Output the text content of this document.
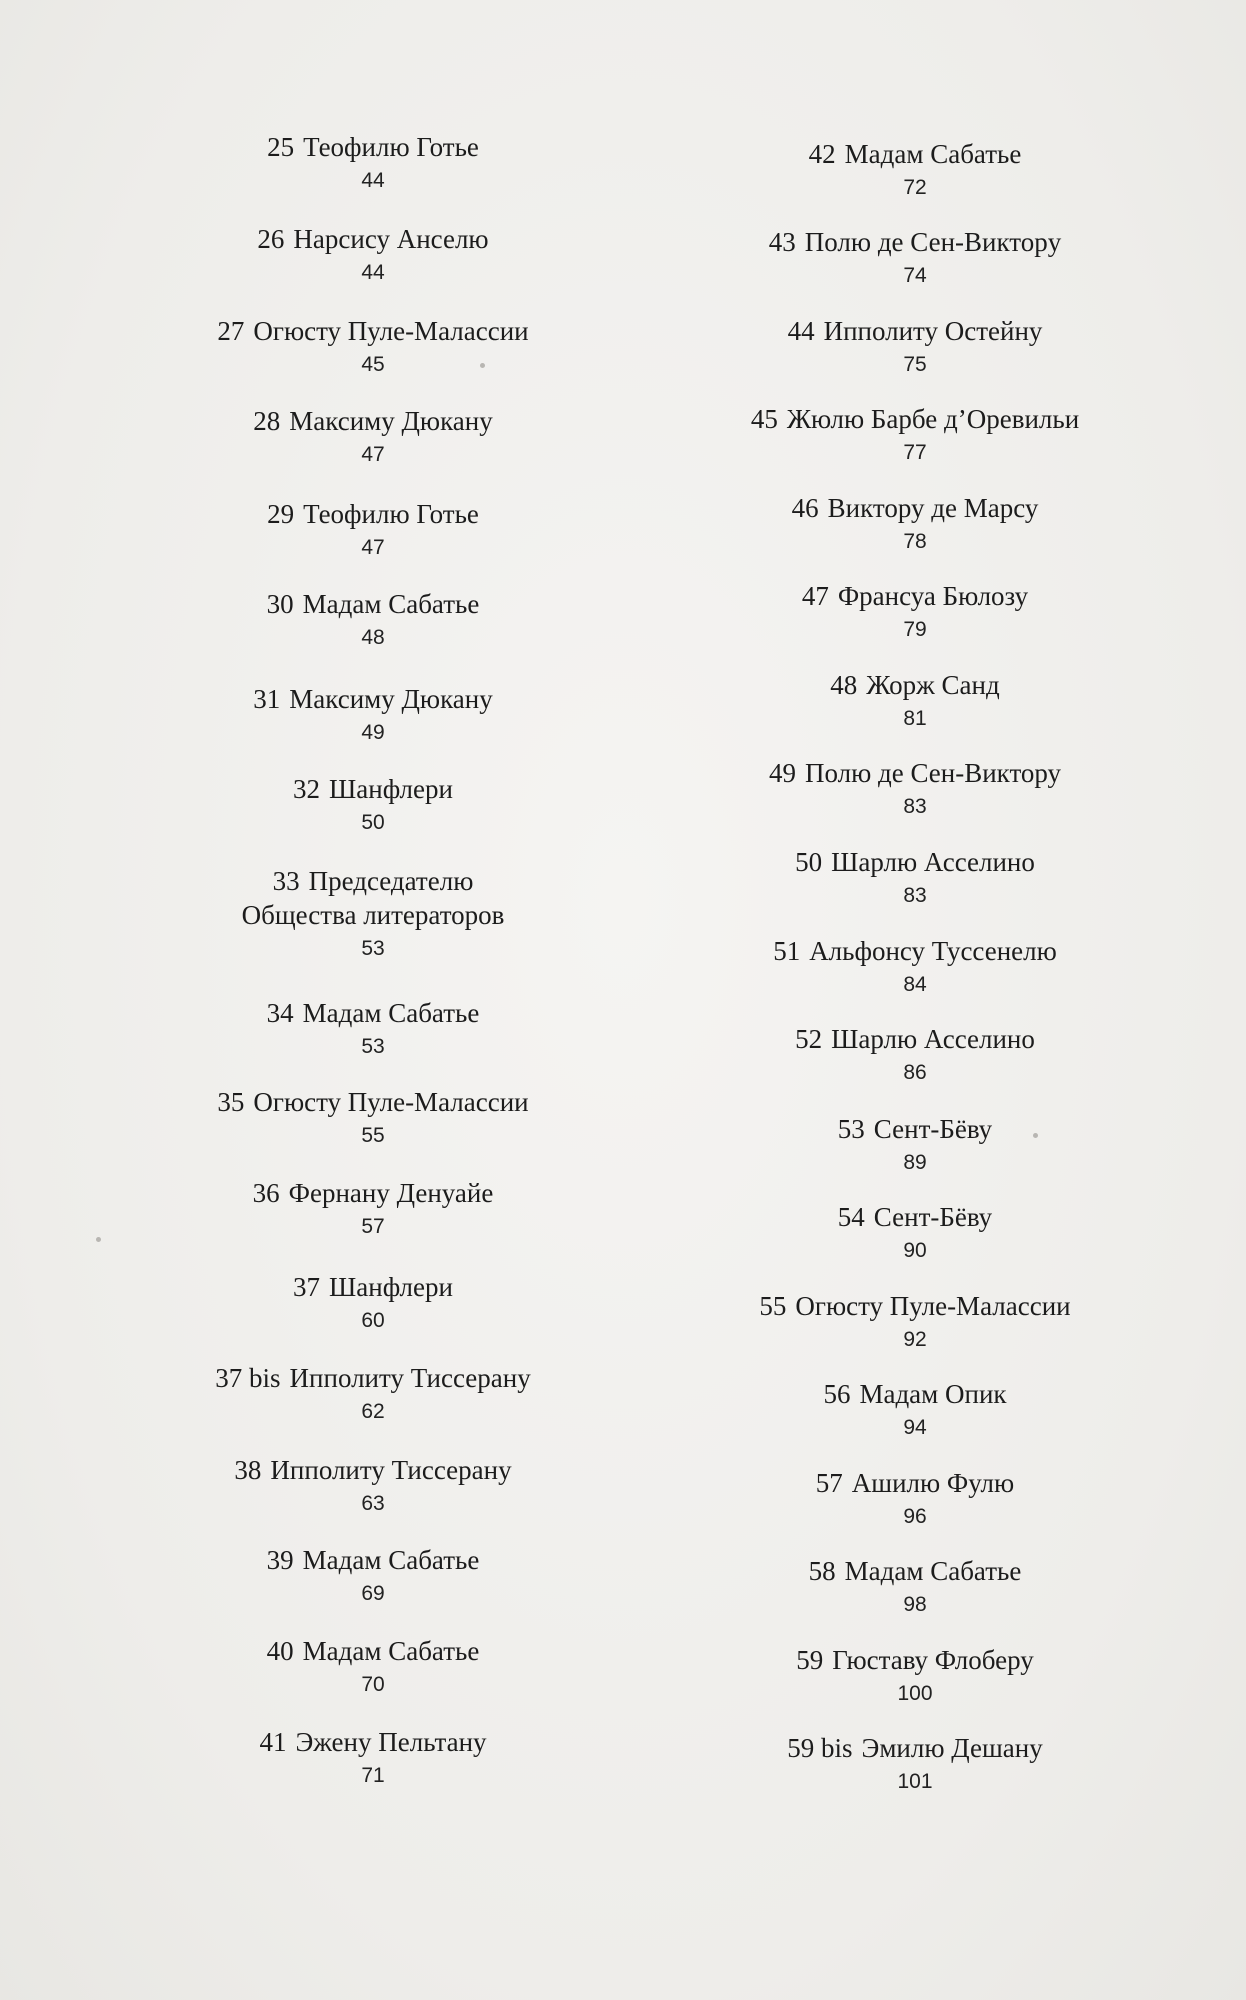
25 Теофилю Готье
44
26 Нарсису Анселю
44
27 Огюсту Пуле-Малассии
45
28 Максиму Дюкану
47
29 Теофилю Готье
47
30 Мадам Сабатье
48
31 Максиму Дюкану
49
32 Шанфлери
50
33 Председателю
Общества литераторов
53
34 Мадам Сабатье
53
35 Огюсту Пуле-Малассии
55
36 Фернану Денуайе
57
37 Шанфлери
60
37 bis Ипполиту Тиссерану
62
38 Ипполиту Тиссерану
63
39 Мадам Сабатье
69
40 Мадам Сабатье
70
41 Эжену Пельтану
71
42 Мадам Сабатье
72
43 Полю де Сен-Викторy
74
44 Ипполиту Остейну
75
45 Жюлю Барбе д’Оревильи
77
46 Виктору де Марсу
78
47 Франсуа Бюлозу
79
48 Жорж Санд
81
49 Полю де Сен-Виктору
83
50 Шарлю Асселино
83
51 Альфонсу Туссенелю
84
52 Шарлю Асселино
86
53 Сент-Бёву
89
54 Сент-Бёву
90
55 Огюсту Пуле-Малассии
92
56 Мадам Опик
94
57 Ашилю Фулю
96
58 Мадам Сабатье
98
59 Гюставу Флоберу
100
59 bis Эмилю Дешану
101
